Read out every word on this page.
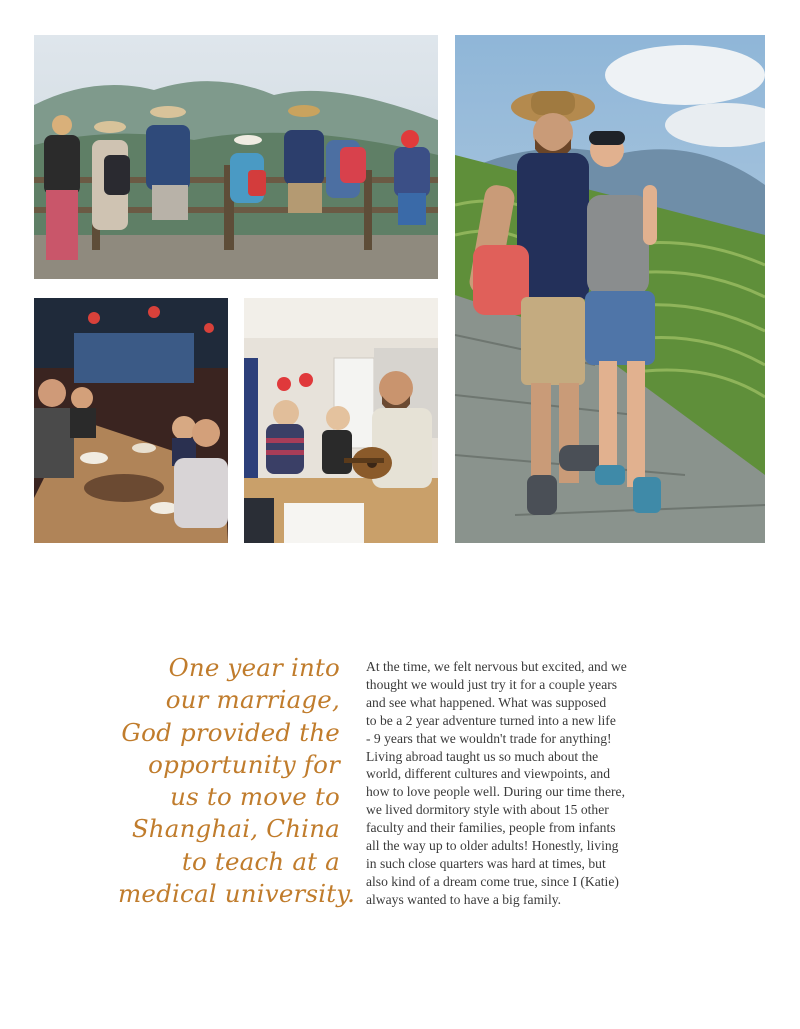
One year into
our marriage,
God provided the
opportunity for
us to move to
Shanghai, China
to teach at a
medical university.

At the time, we felt nervous but excited, and we
thought we would just try it for a couple years
and see what happened. What was supposed
to be a 2 year adventure turned into a new life
- 9 years that we wouldn't trade for anything!
Living abroad taught us so much about the
world, different cultures and viewpoints, and
how to love people well. During our time there,
we lived dormitory style with about 15 other
faculty and their families, people from infants
all the way up to older adults! Honestly, living
in such close quarters was hard at times, but
also kind of a dream come true, since I (Katie)
always wanted to have a big family.
